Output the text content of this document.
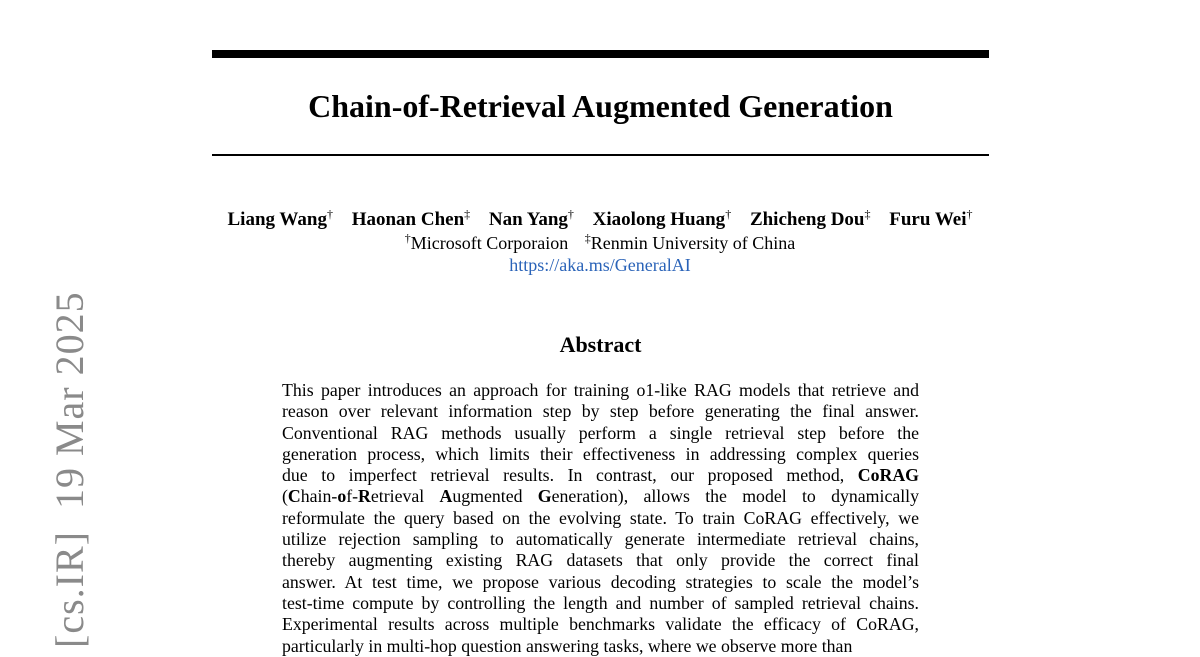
Chain-of-Retrieval Augmented Generation
Liang Wang† Haonan Chen‡ Nan Yang† Xiaolong Huang† Zhicheng Dou‡ Furu Wei†
†Microsoft Corporaion ‡Renmin University of China
https://aka.ms/GeneralAI
Abstract
This paper introduces an approach for training o1-like RAG models that retrieve and
reason over relevant information step by step before generating the final answer.
Conventional RAG methods usually perform a single retrieval step before the
generation process, which limits their effectiveness in addressing complex queries
due to imperfect retrieval results. In contrast, our proposed method, CoRAG
(Chain-of-Retrieval Augmented Generation), allows the model to dynamically
reformulate the query based on the evolving state. To train CoRAG effectively, we
utilize rejection sampling to automatically generate intermediate retrieval chains,
thereby augmenting existing RAG datasets that only provide the correct final
answer. At test time, we propose various decoding strategies to scale the model’s
test-time compute by controlling the length and number of sampled retrieval chains.
Experimental results across multiple benchmarks validate the efficacy of CoRAG,
particularly in multi-hop question answering tasks, where we observe more than
[cs.IR]19 Mar 2025
